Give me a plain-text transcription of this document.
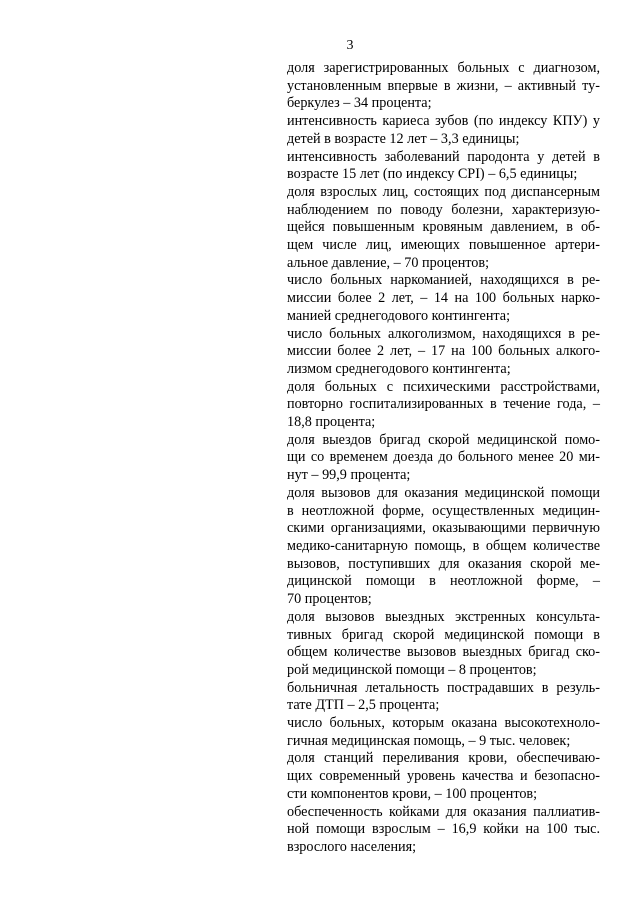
3

доля зарегистрированных больных с диагнозом,
установленным впервые в жизни, – активный ту-
беркулез – 34 процента;

интенсивность кариеса зубов (по индексу КПУ) у
детей в возрасте 12 лет – 3,3 единицы;

интенсивность заболеваний пародонта у детей в
возрасте 15 лет (по индексу CPI) – 6,5 единицы;

доля взрослых лиц, состоящих под диспансерным
наблюдением по поводу болезни, характеризую-
щейся повышенным кровяным давлением, в об-
щем числе лиц, имеющих повышенное артери-
альное давление, – 70 процентов;

число больных наркоманией, находящихся в ре-
миссии более 2 лет, – 14 на 100 больных нарко-
манией среднегодового контингента;

число больных алкоголизмом, находящихся в ре-
миссии более 2 лет, – 17 на 100 больных алкого-
лизмом среднегодового контингента;

доля больных с психическими расстройствами,
повторно госпитализированных в течение года, –
18,8 процента;

доля выездов бригад скорой медицинской помо-
щи со временем доезда до больного менее 20 ми-
нут – 99,9 процента;

доля вызовов для оказания медицинской помощи
в неотложной форме, осуществленных медицин-
скими организациями, оказывающими первичную
медико-санитарную помощь, в общем количестве
вызовов, поступивших для оказания скорой ме-
дицинской помощи в неотложной форме, –
70 процентов;

доля вызовов выездных экстренных консульта-
тивных бригад скорой медицинской помощи в
общем количестве вызовов выездных бригад ско-
рой медицинской помощи – 8 процентов;

больничная летальность пострадавших в резуль-
тате ДТП – 2,5 процента;

число больных, которым оказана высокотехноло-
гичная медицинская помощь, – 9 тыс. человек;

доля станций переливания крови, обеспечиваю-
щих современный уровень качества и безопасно-
сти компонентов крови, – 100 процентов;

обеспеченность койками для оказания паллиатив-
ной помощи взрослым – 16,9 койки на 100 тыс.
взрослого населения;
